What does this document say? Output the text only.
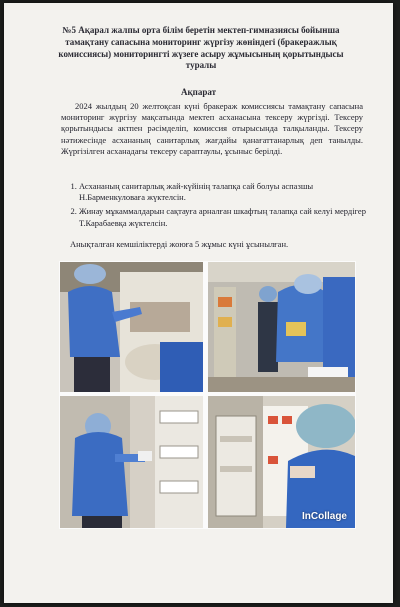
№5 Ақарал жалпы орта білім беретін мектеп-гимназиясы бойынша тамақтану сапасына мониторинг жүргізу жөніндегі (бракеражлық комиссиясы) мониторингті жүзеге асыру жұмысының қорытындысы туралы
Ақпарат
2024 жылдың 20 желтоқсан күні бракераж комиссиясы тамақтану сапасына мониторинг жүргізу мақсатында мектеп асханасына тексеру жүргізді. Тексеру қорытындысы актпен рәсімделіп, комиссия отырысында талқыланды. Тексеру нәтижесінде асхананың санитарлық жағдайы қанағаттанарлық деп танылды. Жүргізілген асханадағы тексеру сараптаулы, ұсыныс берілді.
1. Асхананың санитарлық жай-күйінің талапқа сай болуы аспазшы Н.Барменкуловаға жүктелсін.
2. Жинау мұкаммалдарын сақтауға арналған шкафтың талапқа сай келуі мердігер Т.Карабаевқа жүктелсін.
Анықталған кемшіліктерді жоюға 5 жұмыс күні ұсынылған.
InCollage
